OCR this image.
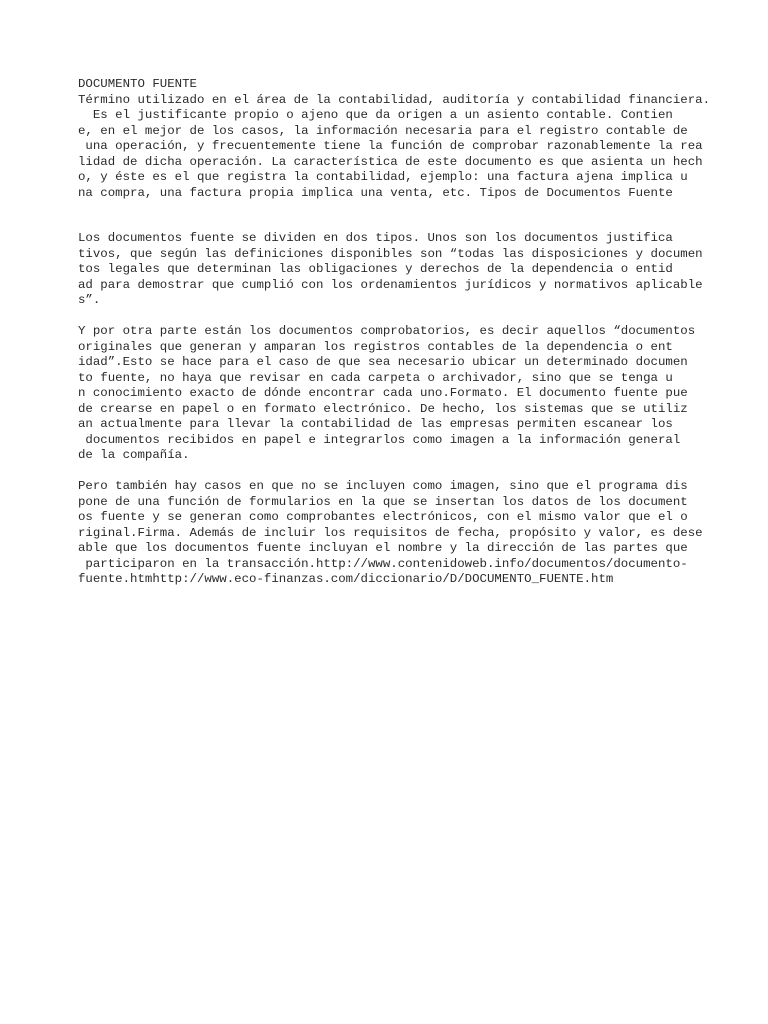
DOCUMENTO FUENTE

Término utilizado en el área de la contabilidad, auditoría y contabilidad financiera.

Es el justificante propio o ajeno que da origen a un asiento contable. Contien

e, en el mejor de los casos, la información necesaria para el registro contable de

una operación, y frecuentemente tiene la función de comprobar razonablemente la rea

lidad de dicha operación. La característica de este documento es que asienta un hech

o, y éste es el que registra la contabilidad, ejemplo: una factura ajena implica u

na compra, una factura propia implica una venta, etc. Tipos de Documentos Fuente

Los documentos fuente se dividen en dos tipos. Unos son los documentos justifica

tivos, que según las definiciones disponibles son “todas las disposiciones y documen

tos legales que determinan las obligaciones y derechos de la dependencia o entid

ad para demostrar que cumplió con los ordenamientos jurídicos y normativos aplicable

s”.

Y por otra parte están los documentos comprobatorios, es decir aquellos “documentos

originales que generan y amparan los registros contables de la dependencia o ent

idad”.Esto se hace para el caso de que sea necesario ubicar un determinado documen

to fuente, no haya que revisar en cada carpeta o archivador, sino que se tenga u

n conocimiento exacto de dónde encontrar cada uno.Formato. El documento fuente pue

de crearse en papel o en formato electrónico. De hecho, los sistemas que se utiliz

an actualmente para llevar la contabilidad de las empresas permiten escanear los

documentos recibidos en papel e integrarlos como imagen a la información general

de la compañía.

Pero también hay casos en que no se incluyen como imagen, sino que el programa dis

pone de una función de formularios en la que se insertan los datos de los document

os fuente y se generan como comprobantes electrónicos, con el mismo valor que el o

riginal.Firma. Además de incluir los requisitos de fecha, propósito y valor, es dese

able que los documentos fuente incluyan el nombre y la dirección de las partes que

participaron en la transacción.http://www.contenidoweb.info/documentos/documento-

fuente.htmhttp://www.eco-finanzas.com/diccionario/D/DOCUMENTO_FUENTE.htm
